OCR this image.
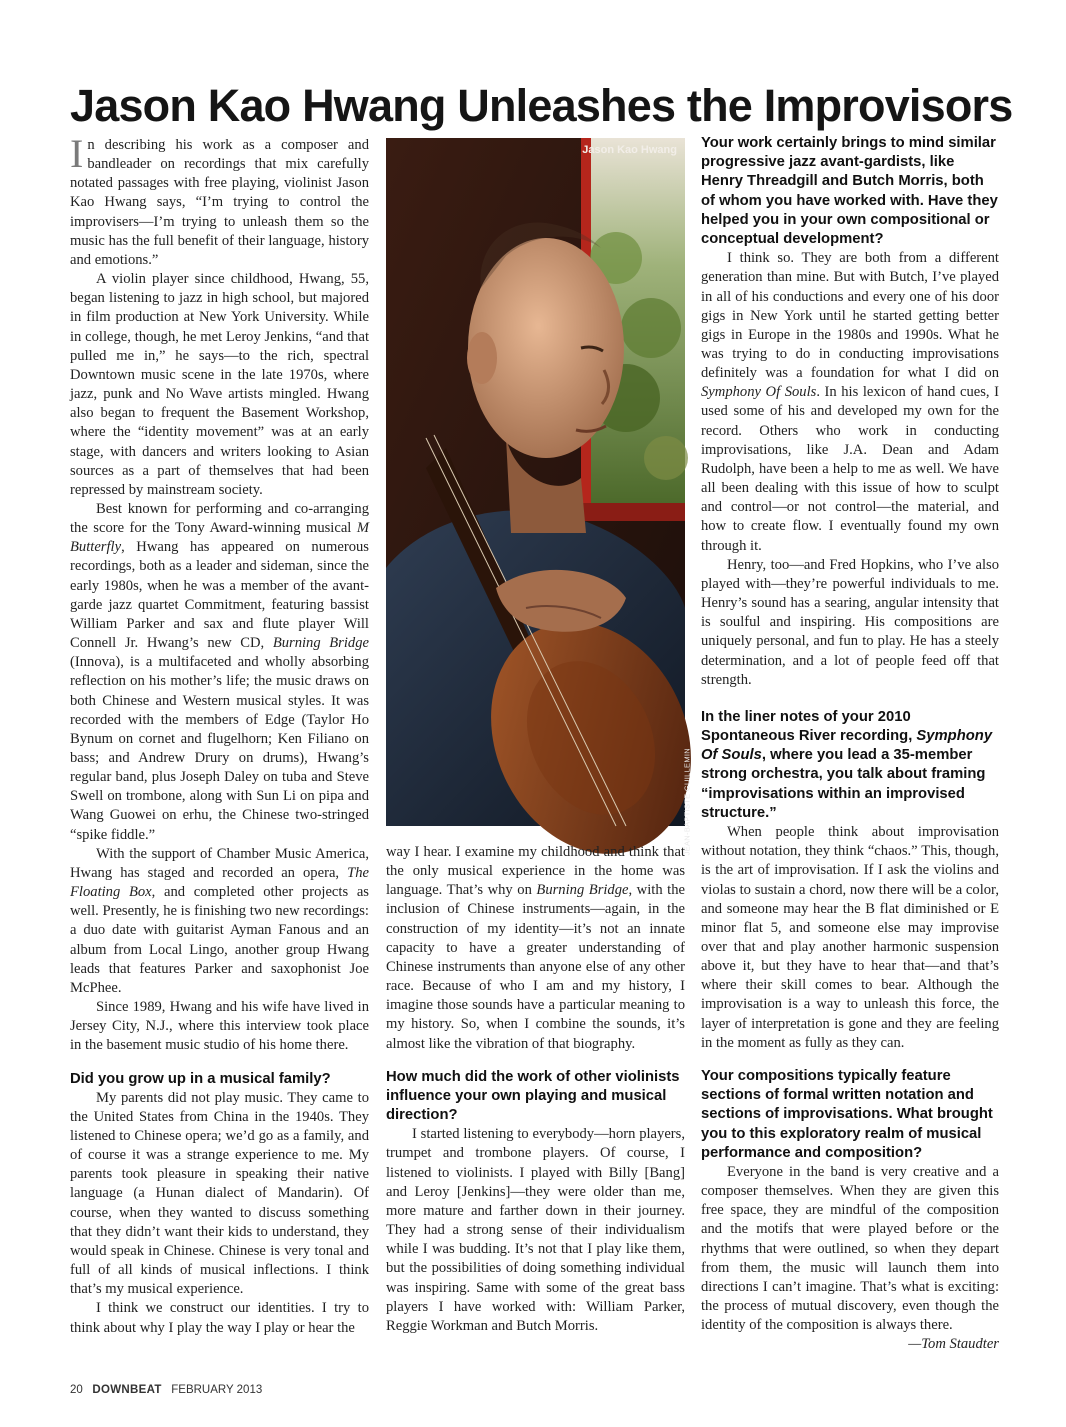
Jason Kao Hwang Unleashes the Improvisors

In describing his work as a composer and bandleader on recordings that mix carefully notated passages with free playing, violinist Jason Kao Hwang says, “I’m trying to control the improvisers—I’m trying to unleash them so the music has the full benefit of their language, history and emotions.”

A violin player since childhood, Hwang, 55, began listening to jazz in high school, but majored in film production at New York University. While in college, though, he met Leroy Jenkins, “and that pulled me in,” he says—to the rich, spectral Downtown music scene in the late 1970s, where jazz, punk and No Wave artists mingled. Hwang also began to frequent the Basement Workshop, where the “identity movement” was at an early stage, with dancers and writers looking to Asian sources as a part of themselves that had been repressed by mainstream society.

Best known for performing and co-arranging the score for the Tony Award-winning musical M Butterfly, Hwang has appeared on numerous recordings, both as a leader and sideman, since the early 1980s, when he was a member of the avant-garde jazz quartet Commitment, featuring bassist William Parker and sax and flute player Will Connell Jr. Hwang’s new CD, Burning Bridge (Innova), is a multifaceted and wholly absorbing reflection on his mother’s life; the music draws on both Chinese and Western musical styles. It was recorded with the members of Edge (Taylor Ho Bynum on cornet and flugelhorn; Ken Filiano on bass; and Andrew Drury on drums), Hwang’s regular band, plus Joseph Daley on tuba and Steve Swell on trombone, along with Sun Li on pipa and Wang Guowei on erhu, the Chinese two-stringed “spike fiddle.”

With the support of Chamber Music America, Hwang has staged and recorded an opera, The Floating Box, and completed other projects as well. Presently, he is finishing two new recordings: a duo date with guitarist Ayman Fanous and an album from Local Lingo, another group Hwang leads that features Parker and saxophonist Joe McPhee.

Since 1989, Hwang and his wife have lived in Jersey City, N.J., where this interview took place in the basement music studio of his home there.

Did you grow up in a musical family?

My parents did not play music. They came to the United States from China in the 1940s. They listened to Chinese opera; we’d go as a family, and of course it was a strange experience to me. My parents took pleasure in speaking their native language (a Hunan dialect of Mandarin). Of course, when they wanted to discuss something that they didn’t want their kids to understand, they would speak in Chinese. Chinese is very tonal and full of all kinds of musical inflections. I think that’s my musical experience.

I think we construct our identities. I try to think about why I play the way I play or hear the

Jason Kao Hwang
JEAN-BAPTISTE GUILLEMIN

way I hear. I examine my childhood and think that the only musical experience in the home was language. That’s why on Burning Bridge, with the inclusion of Chinese instruments—again, in the construction of my identity—it’s not an innate capacity to have a greater understanding of Chinese instruments than anyone else of any other race. Because of who I am and my history, I imagine those sounds have a particular meaning to my history. So, when I combine the sounds, it’s almost like the vibration of that biography.

How much did the work of other violinists influence your own playing and musical direction?

I started listening to everybody—horn players, trumpet and trombone players. Of course, I listened to violinists. I played with Billy [Bang] and Leroy [Jenkins]—they were older than me, more mature and farther down in their journey. They had a strong sense of their individualism while I was budding. It’s not that I play like them, but the possibilities of doing something individual was inspiring. Same with some of the great bass players I have worked with: William Parker, Reggie Workman and Butch Morris.

Your work certainly brings to mind similar progressive jazz avant-gardists, like Henry Threadgill and Butch Morris, both of whom you have worked with. Have they helped you in your own compositional or conceptual development?

I think so. They are both from a different generation than mine. But with Butch, I’ve played in all of his conductions and every one of his door gigs in New York until he started getting better gigs in Europe in the 1980s and 1990s. What he was trying to do in conducting improvisations definitely was a foundation for what I did on Symphony Of Souls. In his lexicon of hand cues, I used some of his and developed my own for the record. Others who work in conducting improvisations, like J.A. Dean and Adam Rudolph, have been a help to me as well. We have all been dealing with this issue of how to sculpt and control—or not control—the material, and how to create flow. I eventually found my own through it.

Henry, too—and Fred Hopkins, who I’ve also played with—they’re powerful individuals to me. Henry’s sound has a searing, angular intensity that is soulful and inspiring. His compositions are uniquely personal, and fun to play. He has a steely determination, and a lot of people feed off that strength.

In the liner notes of your 2010 Spontaneous River recording, Symphony Of Souls, where you lead a 35-member strong orchestra, you talk about framing “improvisations within an improvised structure.”

When people think about improvisation without notation, they think “chaos.” This, though, is the art of improvisation. If I ask the violins and violas to sustain a chord, now there will be a color, and someone may hear the B flat diminished or E minor flat 5, and someone else may improvise over that and play another harmonic suspension above it, but they have to hear that—and that’s where their skill comes to bear. Although the improvisation is a way to unleash this force, the layer of interpretation is gone and they are feeling in the moment as fully as they can.

Your compositions typically feature sections of formal written notation and sections of improvisations. What brought you to this exploratory realm of musical performance and composition?

Everyone in the band is very creative and a composer themselves. When they are given this free space, they are mindful of the composition and the motifs that were played before or the rhythms that were outlined, so when they depart from them, the music will launch them into directions I can’t imagine. That’s what is exciting: the process of mutual discovery, even though the identity of the composition is always there.

—Tom Staudter

20 DOWNBEAT FEBRUARY 2013
